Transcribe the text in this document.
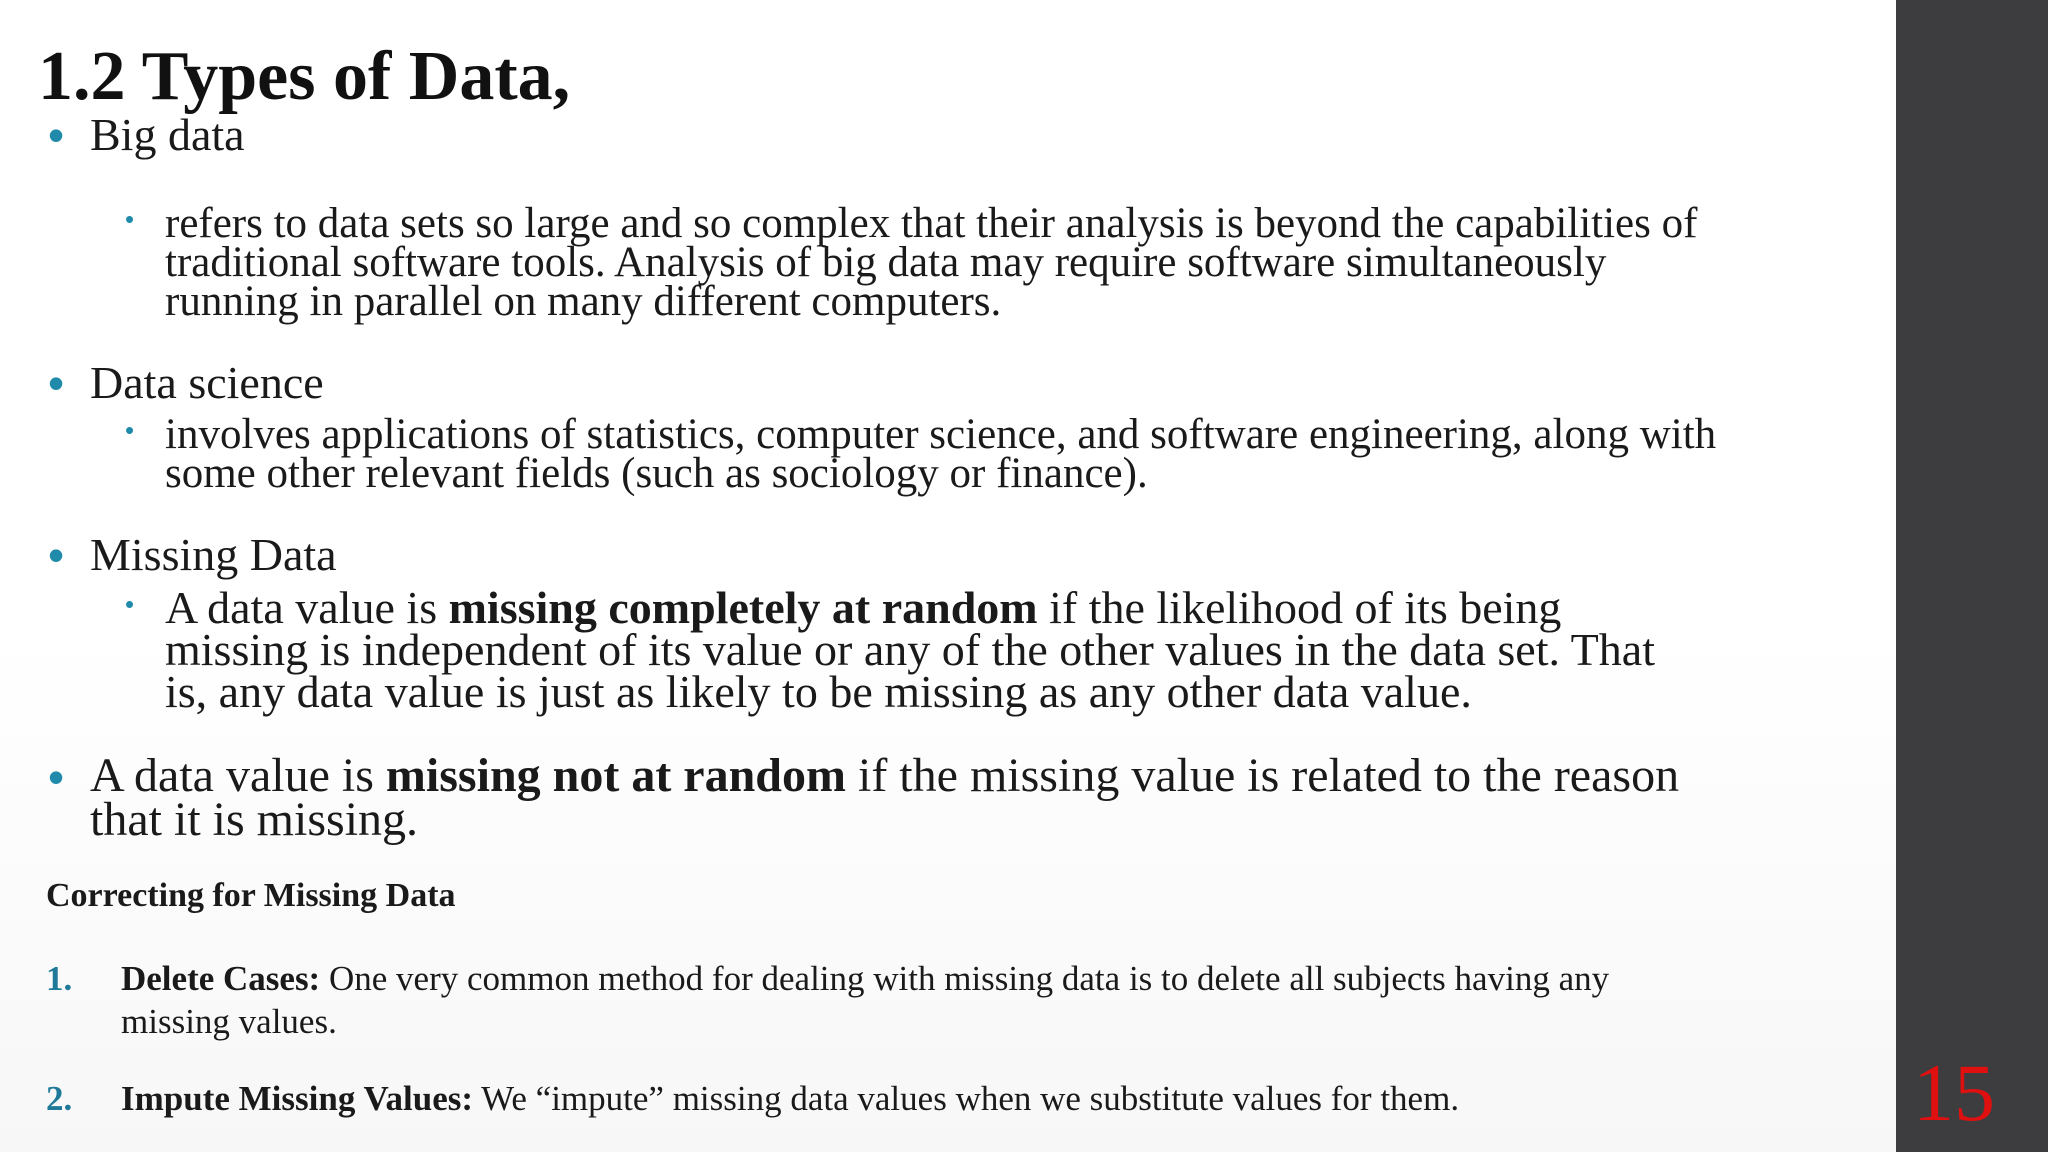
1.2 Types of Data,
• Big data
• refers to data sets so large and so complex that their analysis is beyond the capabilities of
traditional software tools. Analysis of big data may require software simultaneously
running in parallel on many different computers.
• Data science
• involves applications of statistics, computer science, and software engineering, along with
some other relevant fields (such as sociology or finance).
• Missing Data
• A data value is missing completely at random if the likelihood of its being
missing is independent of its value or any of the other values in the data set. That
is, any data value is just as likely to be missing as any other data value.
• A data value is missing not at random if the missing value is related to the reason
that it is missing.
Correcting for Missing Data
1. Delete Cases: One very common method for dealing with missing data is to delete all subjects having any
missing values.
2. Impute Missing Values: We “impute” missing data values when we substitute values for them.	15
